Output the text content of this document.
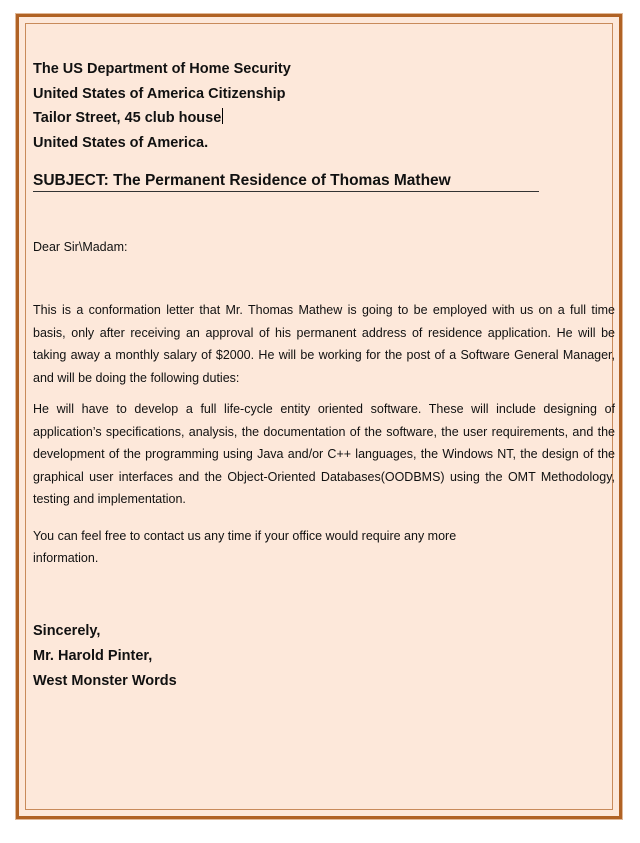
The US Department of Home Security

United States of America Citizenship

Tailor Street, 45 club house

United States of America.

SUBJECT: The Permanent Residence of Thomas Mathew
Dear Sir\Madam:

This is a conformation letter that Mr. Thomas Mathew is going to be employed with us on a full time basis, only after receiving an approval of his permanent address of residence application. He will be taking away a monthly salary of $2000. He will be working for the post of a Software General Manager, and will be doing the following duties:

He will have to develop a full life-cycle entity oriented software. These will include designing of application’s specifications, analysis, the documentation of the software, the user requirements, and the development of the programming using Java and/or C++ languages, the Windows NT, the design of the graphical user interfaces and the Object-Oriented Databases(OODBMS) using the OMT Methodology, testing and implementation.

You can feel free to contact us any time if your office would require any more information.

Sincerely,

Mr. Harold Pinter,

West Monster Words
